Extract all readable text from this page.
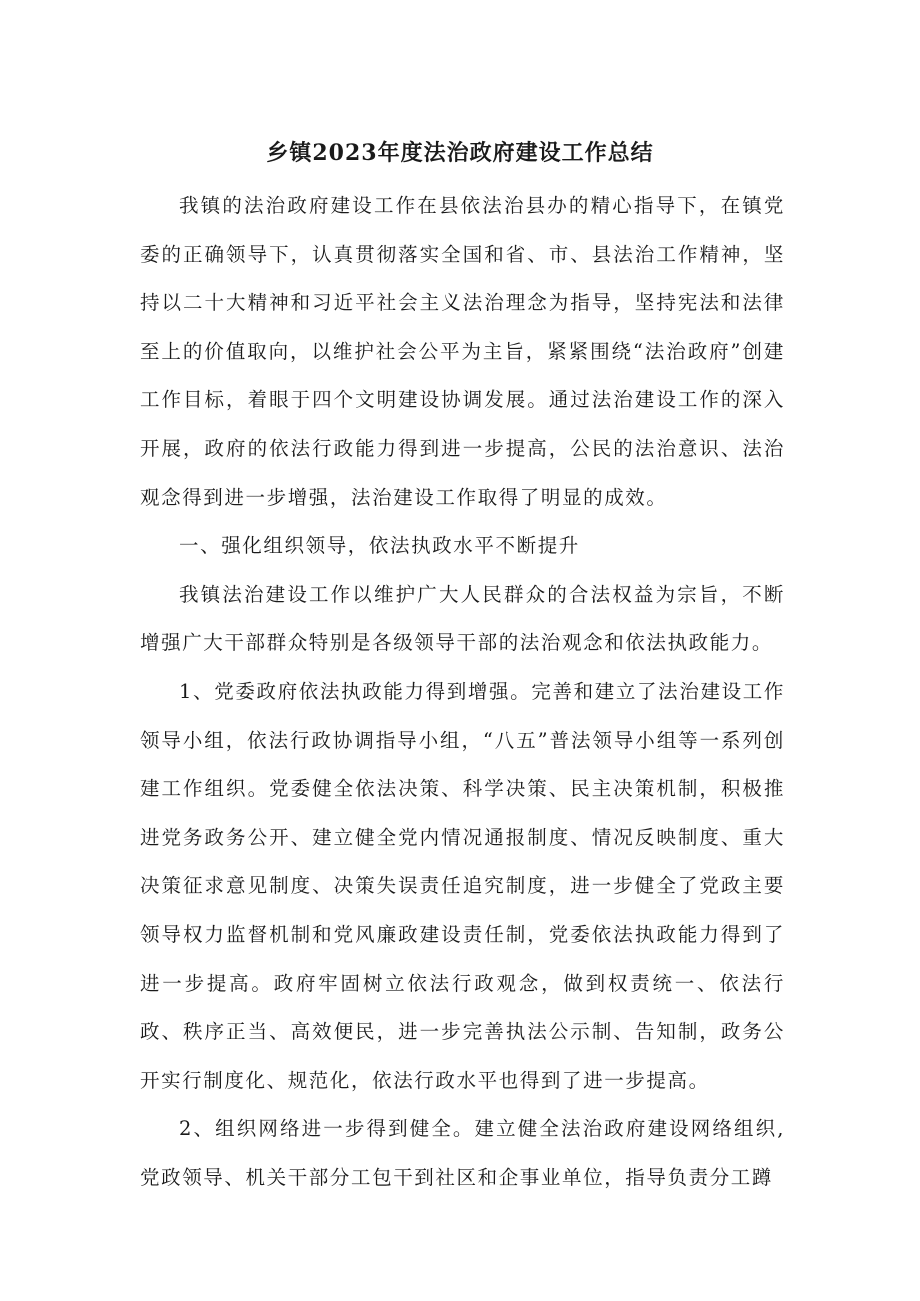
乡镇2023年度法治政府建设工作总结

我镇的法治政府建设工作在县依法治县办的精心指导下，在镇党委的正确领导下，认真贯彻落实全国和省、市、县法治工作精神，坚持以二十大精神和习近平社会主义法治理念为指导，坚持宪法和法律至上的价值取向，以维护社会公平为主旨，紧紧围绕“法治政府”创建工作目标，着眼于四个文明建设协调发展。通过法治建设工作的深入开展，政府的依法行政能力得到进一步提高，公民的法治意识、法治观念得到进一步增强，法治建设工作取得了明显的成效。

一、强化组织领导，依法执政水平不断提升

我镇法治建设工作以维护广大人民群众的合法权益为宗旨，不断增强广大干部群众特别是各级领导干部的法治观念和依法执政能力。

1、党委政府依法执政能力得到增强。完善和建立了法治建设工作领导小组，依法行政协调指导小组，“八五”普法领导小组等一系列创建工作组织。党委健全依法决策、科学决策、民主决策机制，积极推进党务政务公开、建立健全党内情况通报制度、情况反映制度、重大决策征求意见制度、决策失误责任追究制度，进一步健全了党政主要领导权力监督机制和党风廉政建设责任制，党委依法执政能力得到了进一步提高。政府牢固树立依法行政观念，做到权责统一、依法行政、秩序正当、高效便民，进一步完善执法公示制、告知制，政务公开实行制度化、规范化，依法行政水平也得到了进一步提高。

2、组织网络进一步得到健全。建立健全法治政府建设网络组织,党政领导、机关干部分工包干到社区和企事业单位，指导负责分工蹲
